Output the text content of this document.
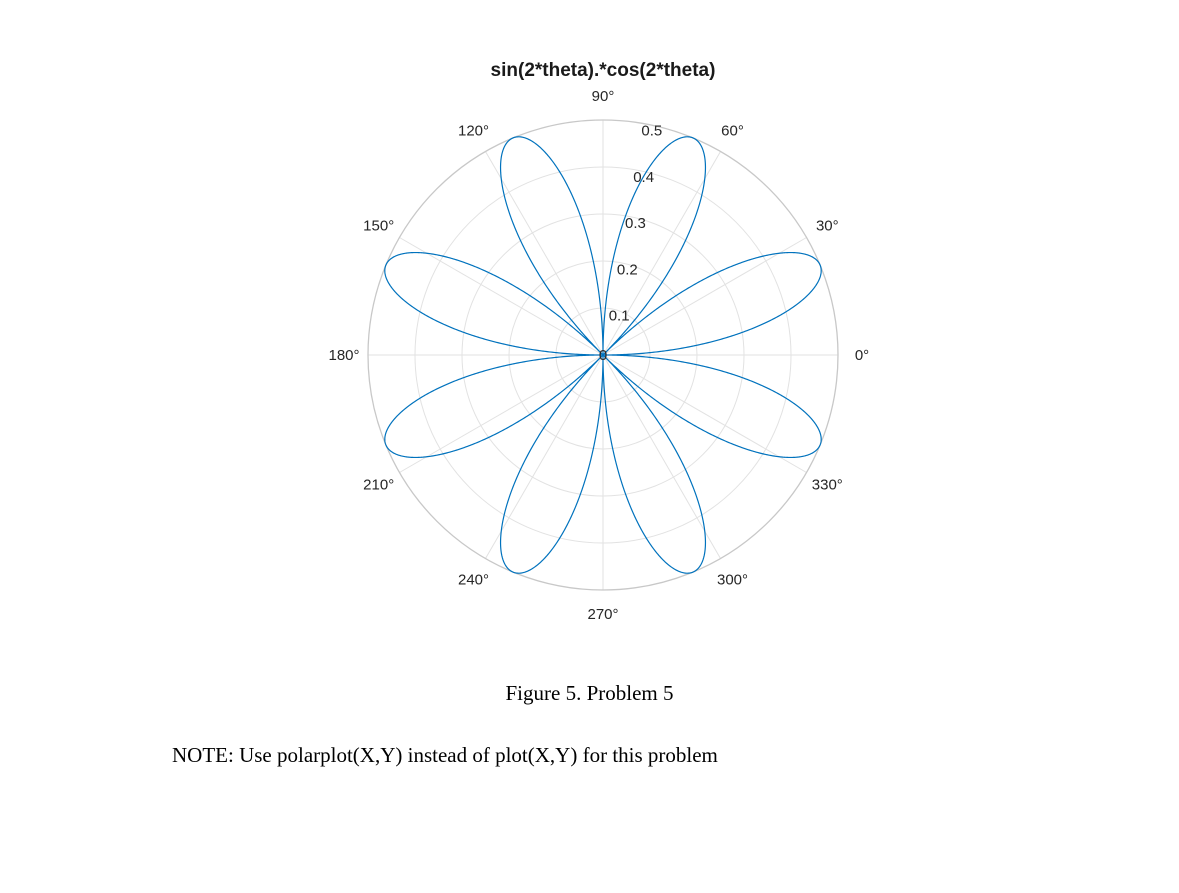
sin(2*theta).*cos(2*theta)
0
0.1
0.2
0.3
0.4
0.5
0°
30°
60°
90°
120°
150°
180°
210°
240°
270°
300°
330°
Figure 5. Problem 5
NOTE: Use polarplot(X,Y) instead of plot(X,Y) for this problem
